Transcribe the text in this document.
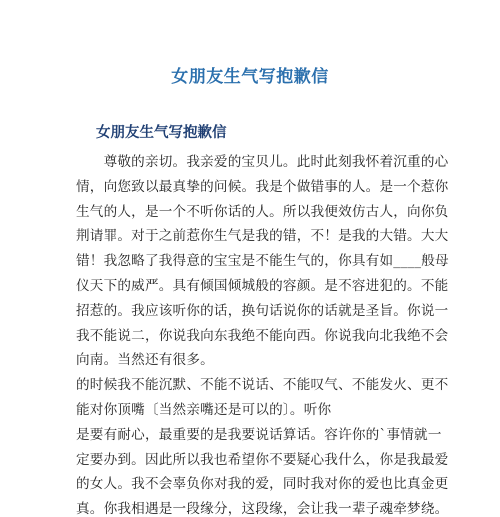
女朋友生气写抱歉信
女朋友生气写抱歉信
　　尊敬的亲切。我亲爱的宝贝儿。此时此刻我怀着沉重的心
情，向您致以最真挚的问候。我是个做错事的人。是一个惹你
生气的人，是一个不听你话的人。所以我便效仿古人，向你负
荆请罪。对于之前惹你生气是我的错，不！是我的大错。大大
错！我忽略了我得意的宝宝是不能生气的，你具有如____般母
仪天下的威严。具有倾国倾城般的容颜。是不容进犯的。不能
招惹的。我应该听你的话，换句话说你的话就是圣旨。你说一
我不能说二，你说我向东我绝不能向西。你说我向北我绝不会
向南。当然还有很多。
的时候我不能沉默、不能不说话、不能叹气、不能发火、更不
能对你顶嘴〔当然亲嘴还是可以的〕。听你
是要有耐心，最重要的是我要说话算话。容许你的`事情就一
定要办到。因此所以我也希望你不要疑心我什么，你是我最爱
的女人。我不会辜负你对我的爱，同时我对你的爱也比真金更
真。你我相遇是一段缘分，这段缘，会让我一辈子魂牵梦绕。
